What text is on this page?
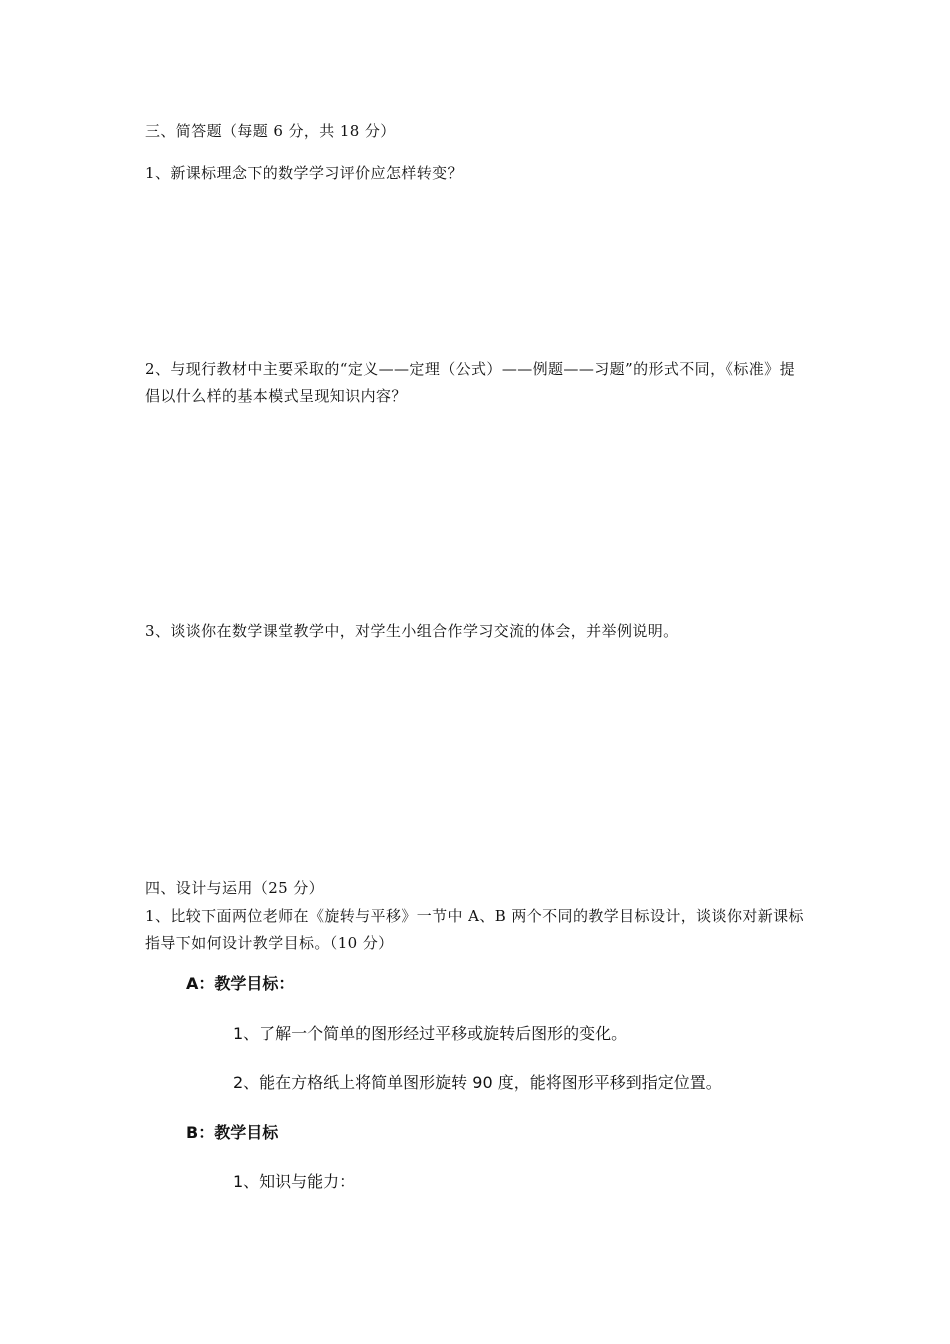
三、简答题（每题 6 分，共 18 分）
1、新课标理念下的数学学习评价应怎样转变？
2、与现行教材中主要采取的“定义——定理（公式）——例题——习题”的形式不同，《标准》提倡以什么样的基本模式呈现知识内容？
3、谈谈你在数学课堂教学中，对学生小组合作学习交流的体会，并举例说明。
四、设计与运用（25 分）
1、比较下面两位老师在《旋转与平移》一节中 A、B 两个不同的教学目标设计，谈谈你对新课标指导下如何设计教学目标。（10 分）
A：教学目标：
1、了解一个简单的图形经过平移或旋转后图形的变化。
2、能在方格纸上将简单图形旋转 90 度，能将图形平移到指定位置。
B：教学目标
1、知识与能力：
